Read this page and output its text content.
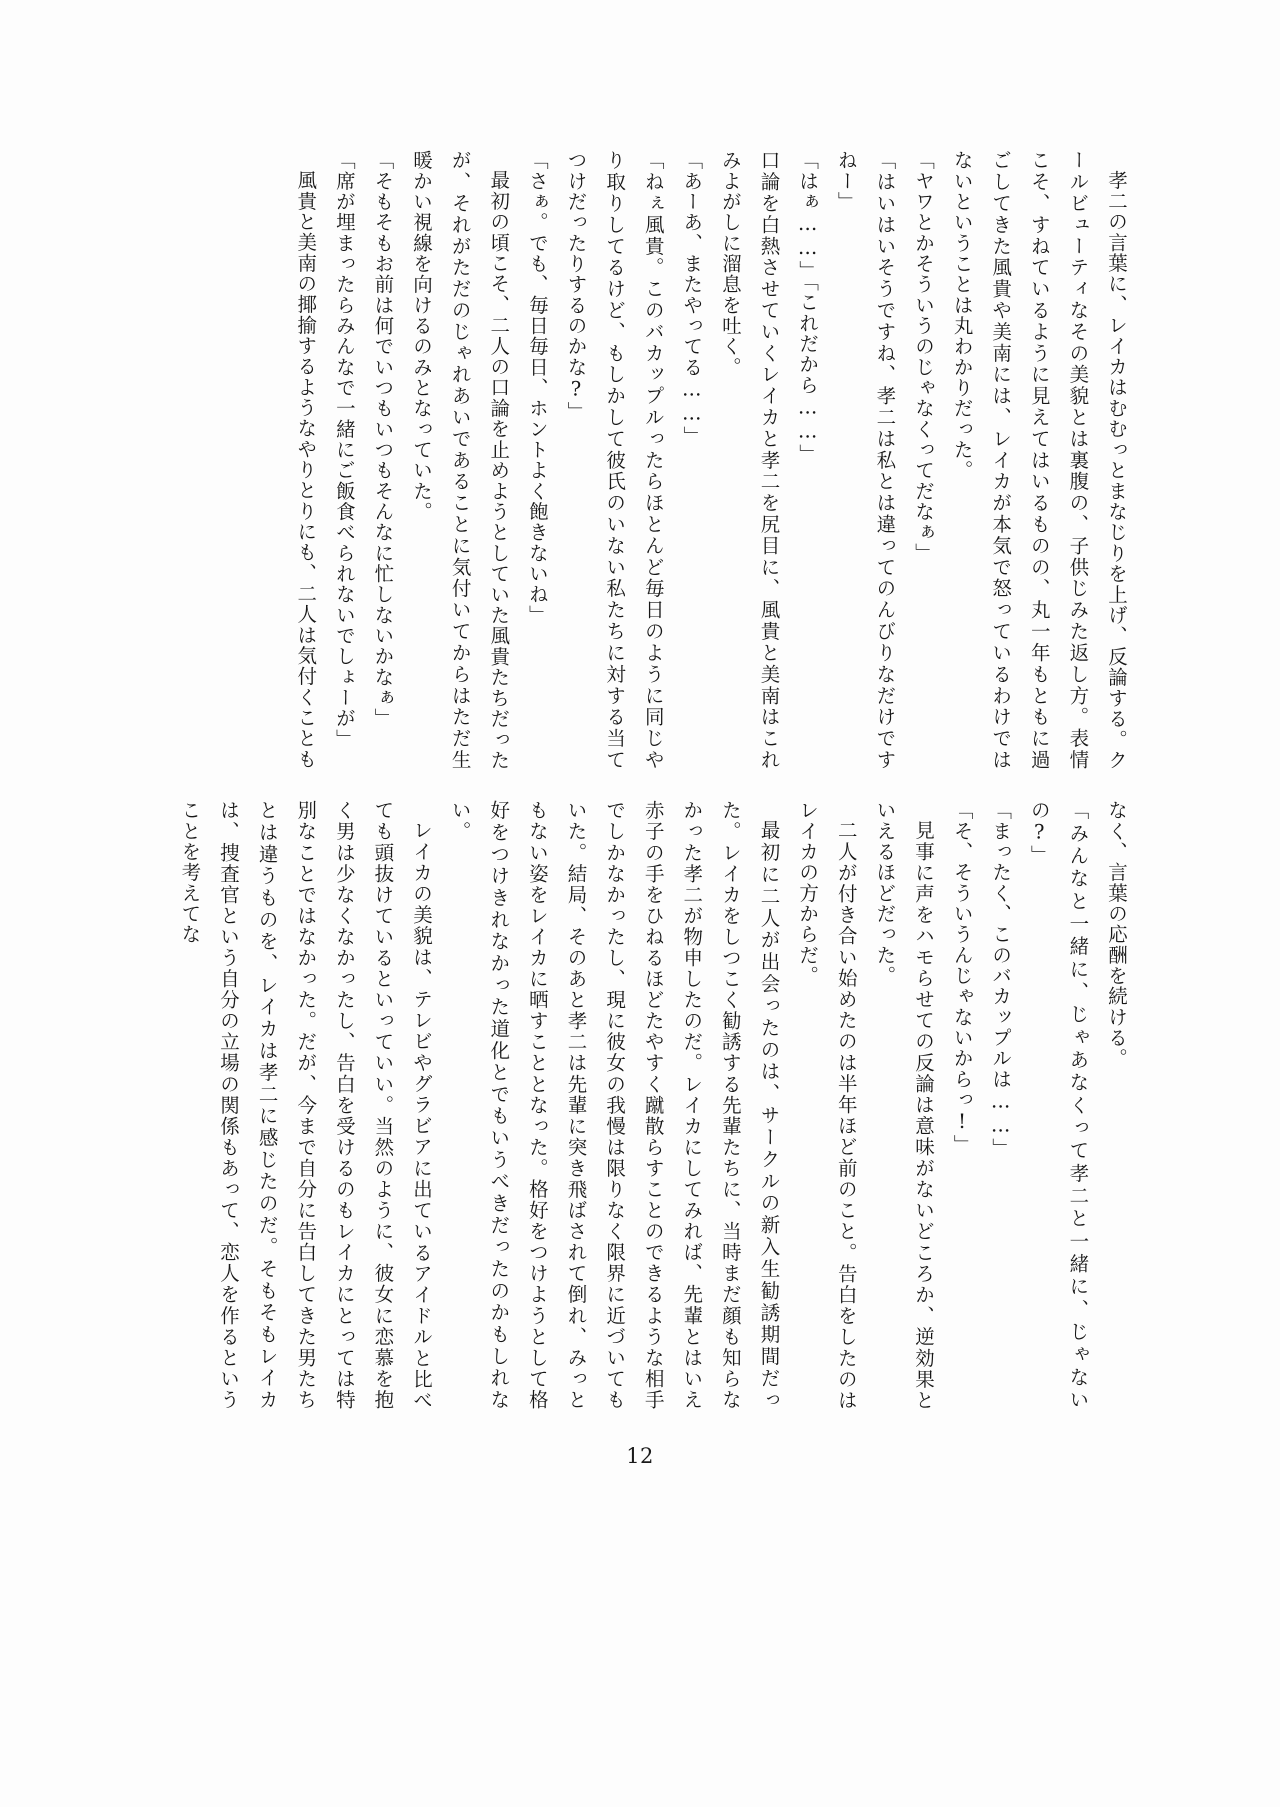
孝二の言葉に、レイカはむむっとまなじりを上げ、反論する。クールビューティなその美貌とは裏腹の、子供じみた返し方。表情こそ、すねているように見えてはいるものの、丸一年もともに過ごしてきた風貴や美南には、レイカが本気で怒っているわけではないということは丸わかりだった。

「ヤワとかそういうのじゃなくってだなぁ」

「はいはいそうですね、孝二は私とは違ってのんびりなだけですねー」

「はぁ……」「これだから……」

口論を白熱させていくレイカと孝二を尻目に、風貴と美南はこれみよがしに溜息を吐く。

「あーあ、またやってる……」

「ねぇ風貴。このバカップルったらほとんど毎日のように同じやり取りしてるけど、もしかして彼氏のいない私たちに対する当てつけだったりするのかな?」

「さぁ。でも、毎日毎日、ホントよく飽きないね」

最初の頃こそ、二人の口論を止めようとしていた風貴たちだったが、それがただのじゃれあいであることに気付いてからはただ生暖かい視線を向けるのみとなっていた。

「そもそもお前は何でいつもいつもそんなに忙しないかなぁ」

「席が埋まったらみんなで一緒にご飯食べられないでしょーが」

風貴と美南の揶揄するようなやりとりにも、二人は気付くことも

なく、言葉の応酬を続ける。

「みんなと一緒に、じゃあなくって孝二と一緒に、じゃないの?」

「まったく、このバカップルは……」

「そ、そういうんじゃないからっ!」

見事に声をハモらせての反論は意味がないどころか、逆効果といえるほどだった。

二人が付き合い始めたのは半年ほど前のこと。告白をしたのはレイカの方からだ。

最初に二人が出会ったのは、サークルの新入生勧誘期間だった。レイカをしつこく勧誘する先輩たちに、当時まだ顔も知らなかった孝二が物申したのだ。レイカにしてみれば、先輩とはいえ赤子の手をひねるほどたやすく蹴散らすことのできるような相手でしかなかったし、現に彼女の我慢は限りなく限界に近づいてもいた。結局、そのあと孝二は先輩に突き飛ばされて倒れ、みっともない姿をレイカに晒すこととなった。格好をつけようとして格好をつけきれなかった道化とでもいうべきだったのかもしれない。

レイカの美貌は、テレビやグラビアに出ているアイドルと比べても頭抜けているといっていい。当然のように、彼女に恋慕を抱く男は少なくなかったし、告白を受けるのもレイカにとっては特別なことではなかった。だが、今まで自分に告白してきた男たちとは違うものを、レイカは孝二に感じたのだ。そもそもレイカは、捜査官という自分の立場の関係もあって、恋人を作るということを考えてな

12
